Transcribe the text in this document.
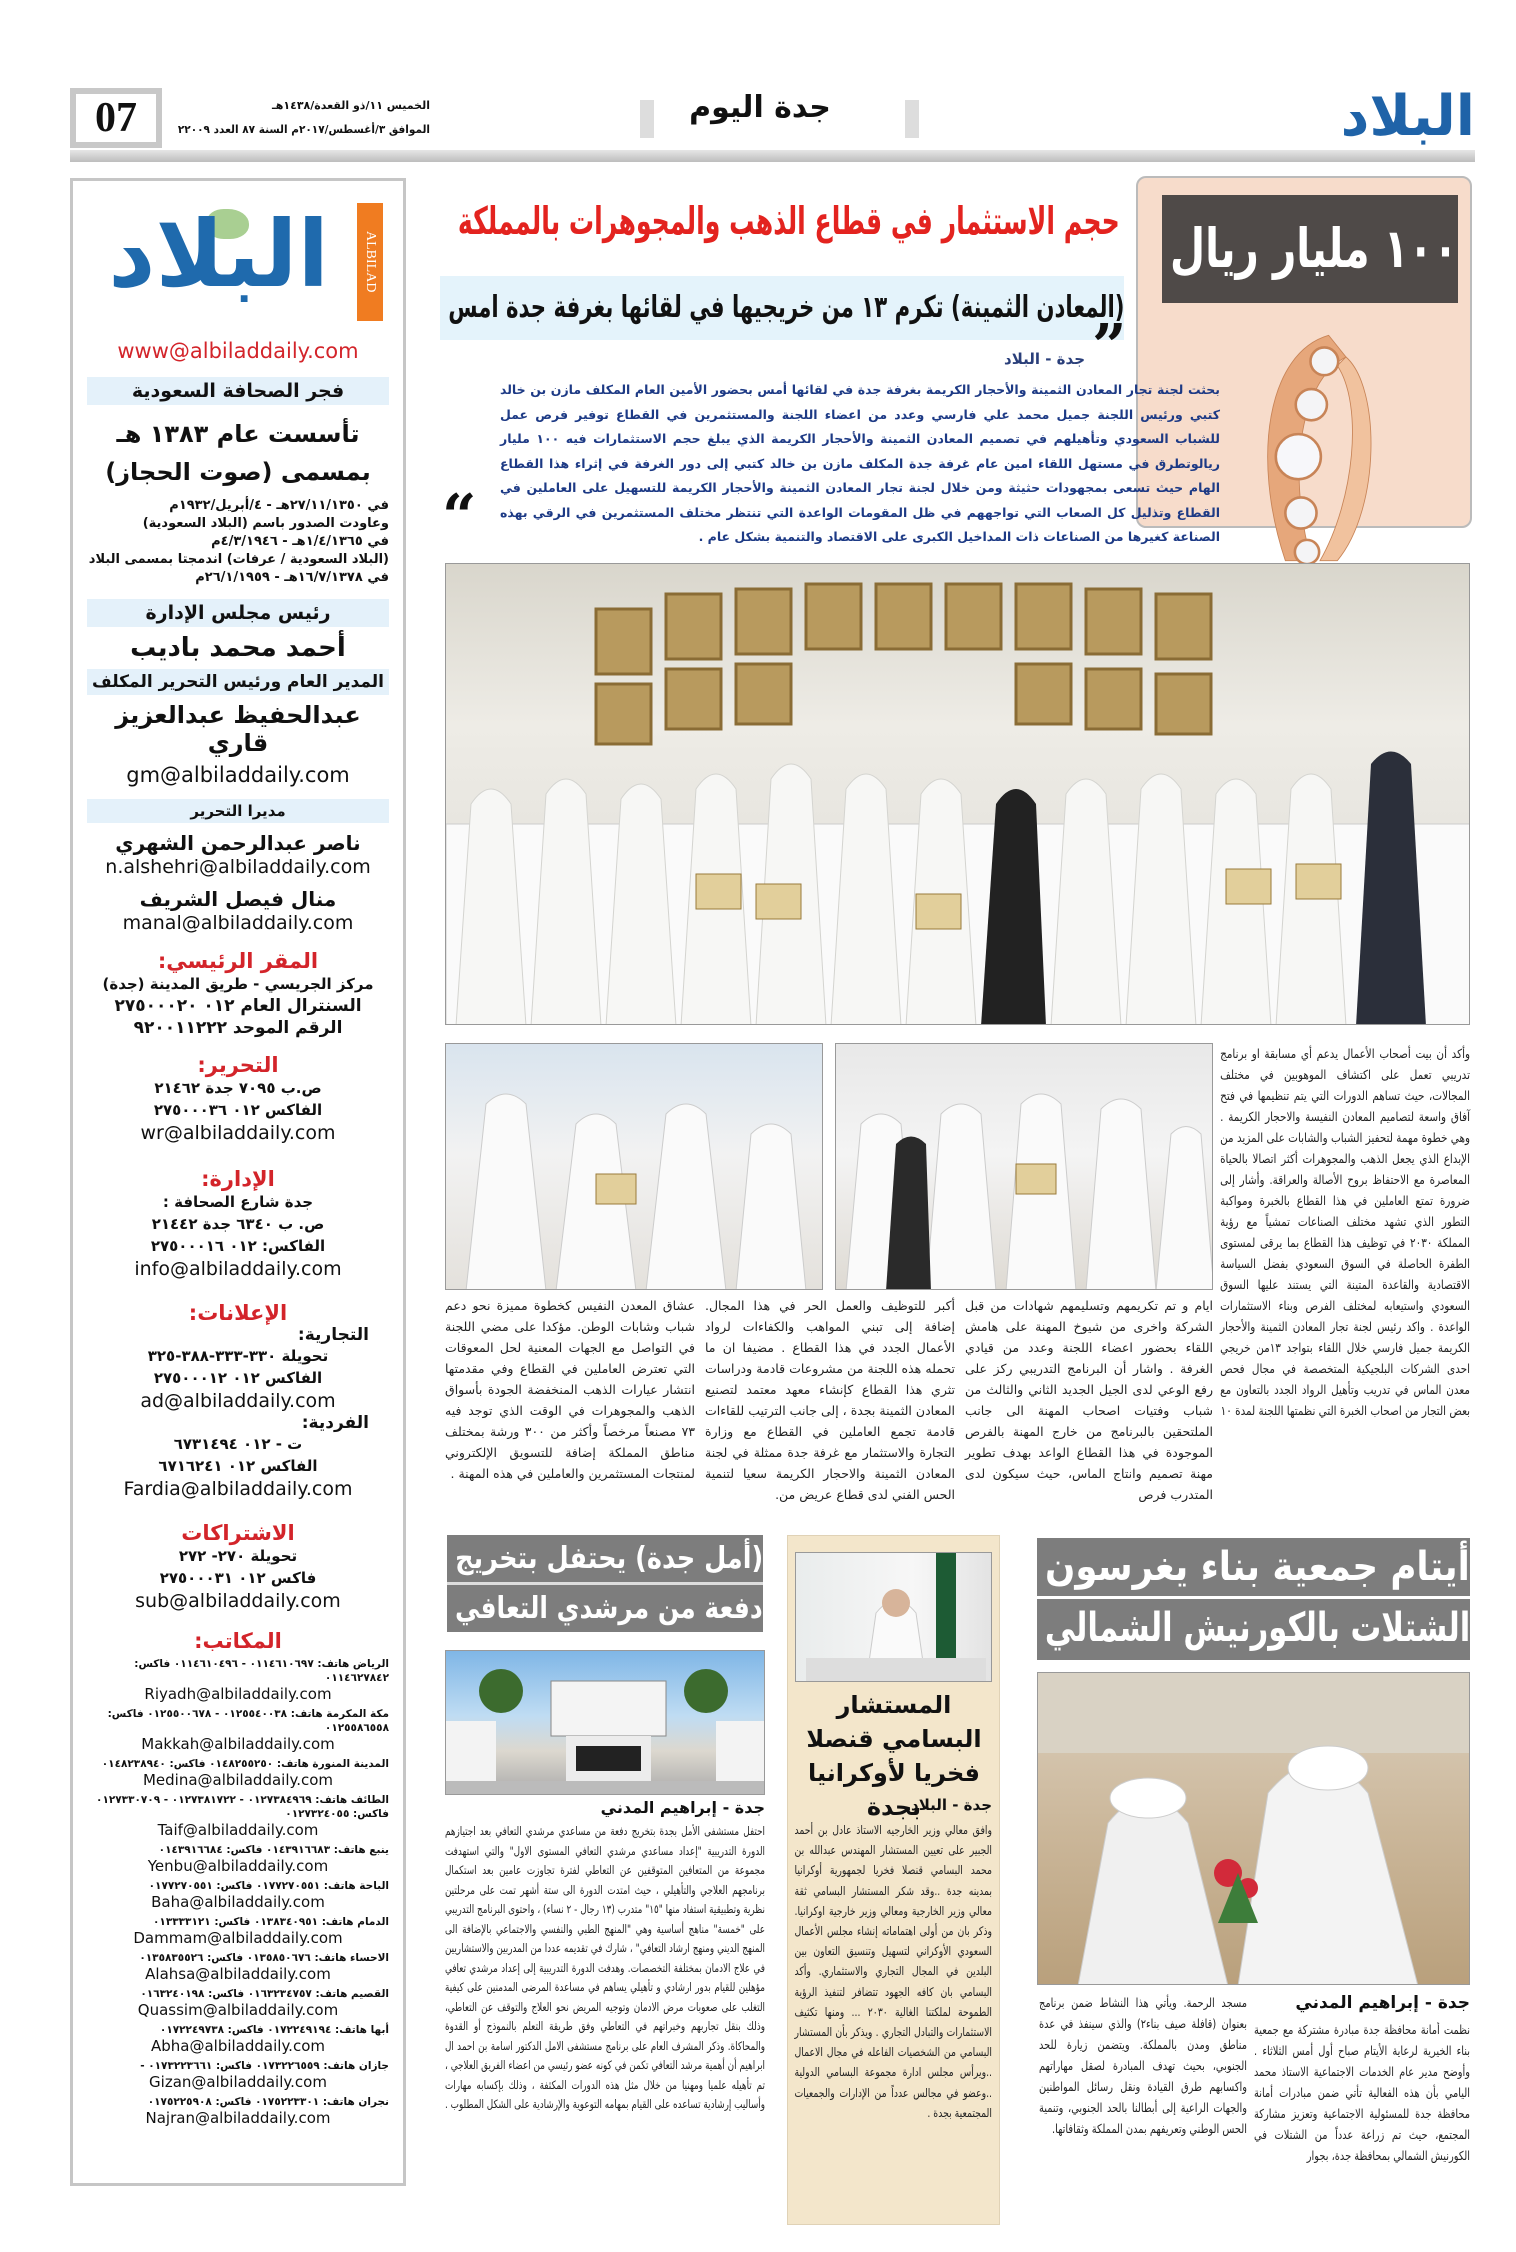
البلاد
جدة اليوم
الخميس ١١/ذو القعدة/١٤٣٨هـ
الموافق ٣/أغسطس/٢٠١٧م السنة ٨٧ العدد ٢٢٠٠٩
07
البلاد	ALBILAD
www@albiladdaily.com
فجر الصحافة السعودية
تأسست عام ١٣٨٣ هـ
بمسمى (صوت الحجاز)
في ٢٧/١١/١٣٥٠هـ - ٤/أبريل/١٩٣٢م
وعاودت الصدور باسم (البلاد السعودية)
في ١/٤/١٣٦٥هـ - ٤/٣/١٩٤٦م
(البلاد السعودية / عرفات) اندمجتا بمسمى البلاد
في ١٦/٧/١٣٧٨هـ - ٢٦/١/١٩٥٩م
رئيس مجلس الإدارة
أحمد محمد باديب
المدير العام ورئيس التحرير المكلف
عبدالحفيظ عبدالعزيز قاري
gm@albiladdaily.com
مديرا التحرير
ناصر عبدالرحمن الشهري
n.alshehri@albiladdaily.com
منال فيصل الشريف
manal@albiladdaily.com
المقر الرئيسي:
مركز الجريسي - طريق المدينة (جدة)
السنترال العام ٠١٢ ٢٧٥٠٠٠٢٠
الرقم الموحد ٩٢٠٠١١٢٢٢
التحرير:
ص.ب ٧٠٩٥ جدة ٢١٤٦٢
الفاكس ٠١٢ ٢٧٥٠٠٠٣٦
wr@albiladdaily.com
الإدارة:
جدة شارع الصحافة :
ص. ب ٦٣٤٠ جدة ٢١٤٤٢
الفاكس: ٠١٢ ٢٧٥٠٠٠١٦
info@albiladdaily.com
الإعلانات:
التجارية:
تحويلة ٣٣٠-٣٣٣-٣٨٨-٣٢٥
الفاكس ٠١٢ ٢٧٥٠٠٠١٢
ad@albiladdaily.com
الفردية:
ت - ٠١٢ ٦٧٣١٤٩٤
الفاكس ٠١٢ ٦٧١٦٢٤١
Fardia@albiladdaily.com
الاشتراكات
تحويلة ٢٧٠- ٢٧٢
فاكس ٠١٢ ٢٧٥٠٠٠٣١
sub@albiladdaily.com
المكاتب:
الرياض هاتف: ٠١١٤٦١٠٦٩٧ - ٠١١٤٦١٠٤٩٦ فاكس: ٠١١٤٦٢٧٨٤٢
Riyadh@albiladdaily.com
مكة المكرمة هاتف: ٠١٢٥٥٤٠٠٣٨ - ٠١٢٥٥٠٠٦٧٨ فاكس: ٠١٢٥٥٨٦٥٥٨
Makkah@albiladdaily.com
المدينة المنورة هاتف: ٠١٤٨٢٥٥٢٥٠ فاكس: ٠١٤٨٢٣٨٩٤٠
Medina@albiladdaily.com
الطائف هاتف: ٠١٢٧٣٨٤٩٦٩ - ٠١٢٧٣٨١٧٢٢ - ٠١٢٧٣٣٠٧٠٩ فاكس: ٠١٢٧٣٢٤٠٥٥
Taif@albiladdaily.com
ينبع هاتف: ٠١٤٣٩١٦٦٨٣ فاكس: ٠١٤٣٩١٦٦٨٤
Yenbu@albiladdaily.com
الباحة هاتف: ٠١٧٧٢٧٠٥٥١ فاكس: ٠١٧٧٢٧٠٥٥١
Baha@albiladdaily.com
الدمام هاتف: ٠١٣٨٣٤٠٩٥١ فاكس: ٠١٣٣٣٣١٢١
Dammam@albiladdaily.com
الاحساء هاتف: ٠١٣٥٨٥٠٦٧٦ فاكس: ٠١٣٥٨٣٥٥٢٦
Alahsa@albiladdaily.com
القصيم هاتف: ٠١٦٣٢٣٤٧٥٧ فاكس: ٠١٦٣٢٤٠١٩٨
Quassim@albiladdaily.com
أبها هاتف: ٠١٧٢٢٤٩١٩٤ فاكس: ٠١٧٢٢٤٩٧٣٨
Abha@albiladdaily.com
جازان هاتف: ٠١٧٣٢٢٦٥٥٩ فاكس: ٠١٧٣٢٢٣٦٦١ -
Gizan@albiladdaily.com
نجران هاتف: ٠١٧٥٢٢٣٣٠١ فاكس: ٠١٧٥٢٢٥٩٠٨
Najran@albiladdaily.com
١٠٠ مليار ريال
حجم الاستثمار في قطاع الذهب والمجوهرات بالمملكة
(المعادن الثمينة) تكرم ١٣ من خريجيها في لقائها بغرفة جدة امس
”
جدة - البلاد
بحثت لجنة تجار المعادن الثمينة والأحجار الكريمة بغرفة جدة في لقائها أمس بحضور الأمين العام المكلف مازن بن خالد كتبي ورئيس اللجنة جميل محمد علي فارسي وعدد من اعضاء اللجنة والمستثمرين في القطاع توفير فرص عمل للشباب السعودي وتأهيلهم في تصميم المعادن الثمينة والأحجار الكريمة الذي يبلغ حجم الاستثمارات فيه ١٠٠ مليار ريالوتطرق في مستهل اللقاء امين عام غرفة جدة المكلف مازن بن خالد كتبي إلى دور الغرفة في إثراء هذا القطاع الهام حيث تسعى بمجهودات حثيثة ومن خلال لجنة تجار المعادن الثمينة والأحجار الكريمة للتسهيل على العاملين في القطاع وتذليل كل الصعاب التي تواجههم في ظل المقومات الواعدة التي تنتظر مختلف المستثمرين في الرقي بهذه الصناعة كغيرها من الصناعات ذات المداخيل الكبرى على الاقتصاد والتنمية بشكل عام .
“
وأكد أن بيت أصحاب الأعمال يدعم أي مسابقة او برنامج تدريبي تعمل على اكتشاف الموهوبين في مختلف المجالات، حيث تساهم الدورات التي يتم تنظيمها في فتح آفاق واسعة لتصاميم المعادن النفيسة والاحجار الكريمة . وهي خطوة مهمة لتحفيز الشباب والشابات على المزيد من الإبداع الذي يجعل الذهب والمجوهرات أكثر اتصالا بالحياة المعاصرة مع الاحتفاظ بروح الأصالة والعراقة. وأشار إلى ضرورة تمتع العاملين في هذا القطاع بالخبرة ومواكبة التطور الذي تشهد مختلف الصناعات تمشياً مع رؤية المملكة ٢٠٣٠ في توظيف هذا القطاع بما يرقى لمستوى الطفرة الحاصلة في السوق السعودي بفضل السياسة الاقتصادية والقاعدة المتينة التي يستند عليها السوق السعودي واستيعابه لمختلف الفرص وبناء الاستثمارات الواعدة . واكد رئيس لجنة تجار المعادن الثمينة والأحجار الكريمة جميل فارسي خلال اللقاء بتواجد ١٣من خريجي احدى الشركات البلجيكية المتخصصة في مجال فحص معدن الماس في تدريب وتأهيل الرواد الجدد بالتعاون مع بعض التجار من اصحاب الخبرة التي نظمتها اللجنة لمدة ١٠
ايام و تم تكريمهم وتسليمهم شهادات من قبل الشركة واخرى من شيوخ المهنة على هامش اللقاء بحضور اعضاء اللجنة وعدد من قيادي الغرفة . واشار أن البرنامج التدريبي ركز على رفع الوعي لدى الجيل الجديد الثاني والثالث من شباب وفتيات اصحاب المهنة الى جانب الملتحقين بالبرنامج من خارج المهنة بالفرص الموجودة في هذا القطاع الواعد بهدف تطوير مهنة تصميم وانتاج الماس، حيث سيكون لدى المتدرب فرص
أكبر للتوظيف والعمل الحر في هذا المجال. إضافة إلى تبني المواهب والكفاءات لرواد الأعمال الجدد في هذا القطاع . مضيفا ان ما تحمله هذه اللجنة من مشروعات قادمة ودراسات تثري هذا القطاع كإنشاء معهد معتمد لتصنيع المعادن الثمينة بجدة ، إلى جانب الترتيب للقاءات قادمة تجمع العاملين في القطاع مع وزارة التجارة والاستثمار مع غرفة جدة ممثلة في لجنة المعادن الثمينة والاحجار الكريمة سعيا لتنمية الحس الفني لدى قطاع عريض من.
عشاق المعدن النفيس كخطوة مميزة نحو دعم شباب وشابات الوطن. مؤكدا على مضي اللجنة في التواصل مع الجهات المعنية لحل المعوقات التي تعترض العاملين في القطاع وفي مقدمتها انتشار عيارات الذهب المنخفضة الجودة بأسواق الذهب والمجوهرات في الوقت الذي توجد فيه ٧٣ مصنعاً مرخصاً وأكثر من ٣٠٠ ورشة بمختلف مناطق المملكة إضافة للتسويق الإلكتروني لمنتجات المستثمرين والعاملين في هذه المهنة .
أيتام جمعية بناء يغرسون
الشتلات بالكورنيش الشمالي
جدة - إبراهيم المدني
نظمت أمانة محافظة جدة مبادرة مشتركة مع جمعية بناء الخيرية لرعاية الأيتام صباح أول أمس الثلاثاء . وأوضح مدير عام الخدمات الاجتماعية الاستاذ محمد اليامي بأن هذه الفعالية تأتي ضمن مبادرات أمانة محافظة جدة للمسئولية الاجتماعية وتعزيز مشاركة المجتمع، حيث تم زراعة عدداً من الشتلات في الكورنيش الشمالي بمحافظة جدة، بجوار
مسجد الرحمة. ويأتي هذا النشاط ضمن برنامج بعنوان (قافلة صيف بناء٢) والذي سينفذ في عدة مناطق ومدن بالمملكة. ويتضمن زيارة للحد الجنوبي، بحيث تهدف المبادرة لصقل مهاراتهم واكسابهم طرق القيادة ونقل رسائل المواطنين والجهات الراعية إلى أبطالنا بالحد الجنوبي، وتنمية الحس الوطني وتعريفهم بمدن المملكة وثقافاتها.
المستشار البسامي قنصلا فخريا لأوكرانيا بجدة
جدة - البلاد
وافق معالي وزير الخارجيه الاستاذ عادل بن أحمد الجبير على تعيين المستشار المهندس عبدالله بن محمد البسامي قنصلا فخريا لجمهورية أوكرانيا بمدينه جدة ..وقد شكر المستشار البسامي ثقة معالي وزير الخارجية ومعالي وزير خارجية اوكرانيا. وذكر بان من أولى اهتماماته إنشاء مجلس الأعمال السعودي الأوكراني لتسهيل وتنسيق التعاون بين البلدين في المجال التجاري والاستثماري. وأكد البسامي بان كافه الجهود تتضافر لتنفيذ الرؤية الطموحة لملكتنا الغالية ٢٠٣٠ ... ومنها تكثيف الاستثمارات والتبادل التجاري . ويذكر بأن المستشار البسامي من الشخصيات الفاعله في مجال الاعمال ..ويرأس مجلس ادارة مجموعة البسامي الدولية ..وعضو في مجالس عدداً من الإدارات والجمعيات المجتمعية بجدة .
(أمل جدة) يحتفل بتخريج
دفعة من مرشدي التعافي
جدة - إبراهيم المدني
احتفل مستشفى الأمل بجدة بتخريج دفعة من مساعدي مرشدي التعافي بعد اجتيازهم الدورة التدريبية "إعداد مساعدي مرشدي التعافي المستوى الاول" والتي استهدفت مجموعة من المتعافين المتوقفين عن التعاطي لفترة تجاوزت عامين بعد استكمال برنامجهم العلاجي والتأهيلي ، حيث امتدت الدورة الى ستة أشهر تمت على مرحلتين نظرية وتطبيقية استفاد منها "١٥" متدرب (١٣ رجال - ٢ نساء) ، واحتوى البرنامج التدريبي على "خمسة" مناهج أساسية وهي "المنهج الطبي والنفسي والاجتماعي بالإضافة الى المنهج الديني ومنهج ارشاد التعافي" ، شارك في تقديمه عددا من المدربين والاستشاريين في علاج الادمان بمختلفة التخصصات. وهدفت الدورة التدريبية إلى إعداد مرشدي تعافي مؤهلين للقيام بدور ارشادي و تأهيلي يساهم في مساعدة المرضى المدمنين على كيفية التغلب على صعوبات مرض الادمان وتوجيه المريض نحو العلاج والتوقف عن التعاطي، وذلك بنقل تجاربهم وخبراتهم في التعاطي وفق طريقة التعلم بالنموذج أو القدوة والمحاكاة. وذكر المشرف العام على برنامج مستشفى الامل الدكتور اسامة بن احمد ال ابراهيم أن أهمية مرشد التعافي تكمن في كونه عضو رئيسي من اعضاء الفريق العلاجي ، تم تأهيله علميا ومهنيا من خلال مثل هذه الدورات المكثفة ، وذلك بإكسابه مهارات وأساليب إرشادية تساعده على القيام بمهامه التوعوية والإرشادية على الشكل المطلوب .
